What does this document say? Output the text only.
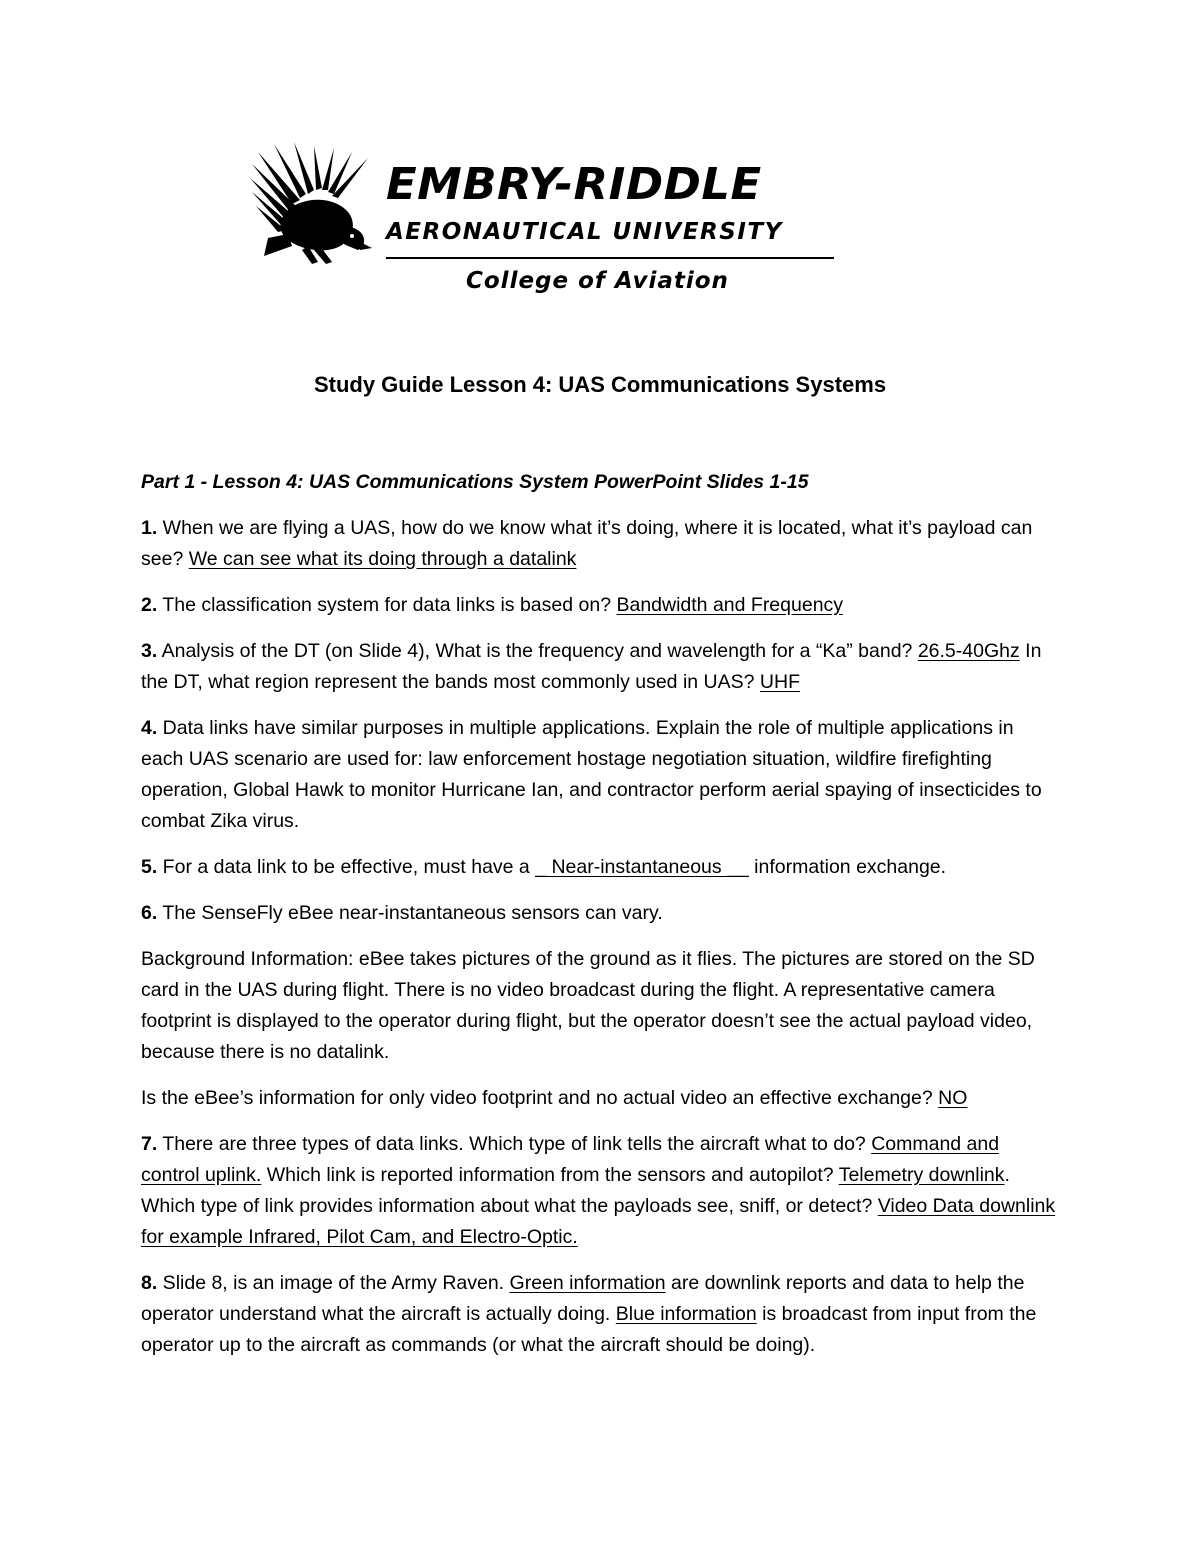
EMBRY-RIDDLE
AERONAUTICAL UNIVERSITY
College of Aviation
Study Guide Lesson 4: UAS Communications Systems

Part 1 - Lesson 4: UAS Communications System PowerPoint Slides 1-15

1. When we are flying a UAS, how do we know what it’s doing, where it is located, what it’s payload can see? We can see what its doing through a datalink

2. The classification system for data links is based on? Bandwidth and Frequency

3. Analysis of the DT (on Slide 4), What is the frequency and wavelength for a “Ka” band? 26.5-40Ghz In the DT, what region represent the bands most commonly used in UAS? UHF

4. Data links have similar purposes in multiple applications. Explain the role of multiple applications in each UAS scenario are used for: law enforcement hostage negotiation situation, wildfire firefighting operation, Global Hawk to monitor Hurricane Ian, and contractor perform aerial spaying of insecticides to combat Zika virus.

5. For a data link to be effective, must have a _ Near-instantaneous __ information exchange.

6. The SenseFly eBee near-instantaneous sensors can vary.

Background Information: eBee takes pictures of the ground as it flies. The pictures are stored on the SD card in the UAS during flight. There is no video broadcast during the flight. A representative camera footprint is displayed to the operator during flight, but the operator doesn’t see the actual payload video, because there is no datalink.

Is the eBee’s information for only video footprint and no actual video an effective exchange? NO

7. There are three types of data links. Which type of link tells the aircraft what to do? Command and control uplink. Which link is reported information from the sensors and autopilot? Telemetry downlink. Which type of link provides information about what the payloads see, sniff, or detect? Video Data downlink for example Infrared, Pilot Cam, and Electro-Optic.

8. Slide 8, is an image of the Army Raven. Green information are downlink reports and data to help the operator understand what the aircraft is actually doing. Blue information is broadcast from input from the operator up to the aircraft as commands (or what the aircraft should be doing).
